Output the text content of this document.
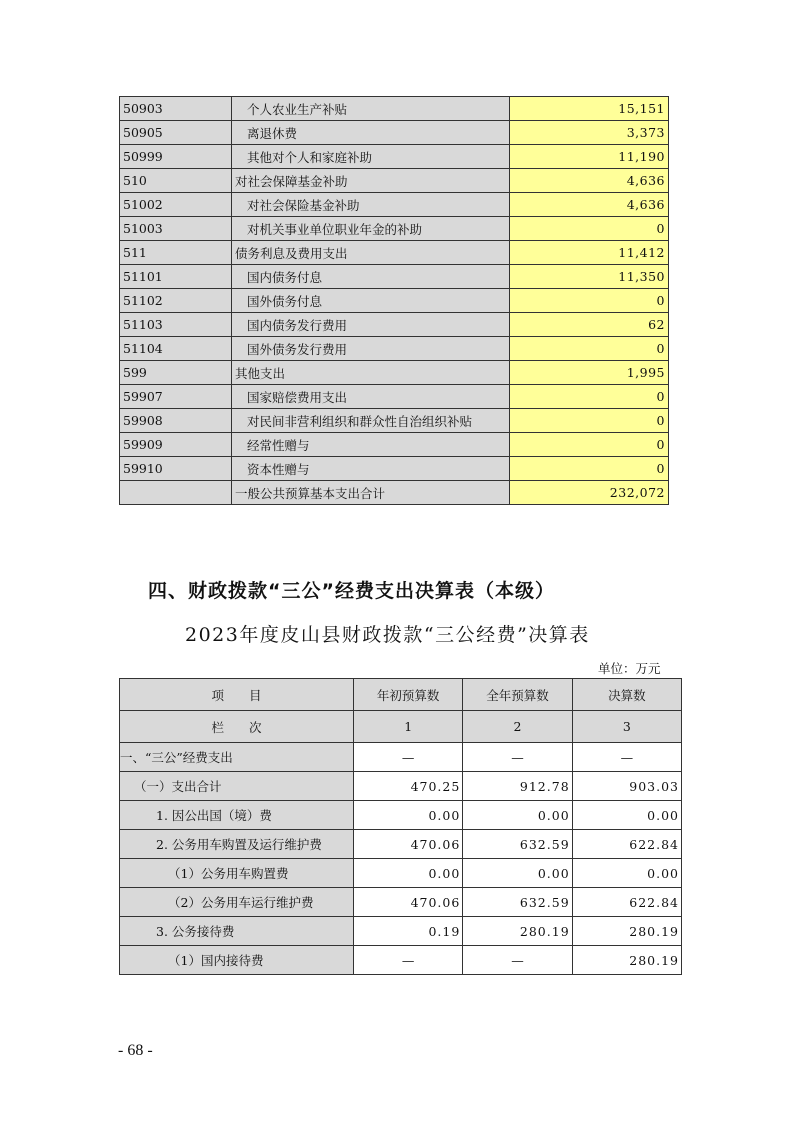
50903	个人农业生产补贴	15,151
50905	离退休费	3,373
50999	其他对个人和家庭补助	11,190
510	对社会保障基金补助	4,636
51002	对社会保险基金补助	4,636
51003	对机关事业单位职业年金的补助	0
511	债务利息及费用支出	11,412
51101	国内债务付息	11,350
51102	国外债务付息	0
51103	国内债务发行费用	62
51104	国外债务发行费用	0
599	其他支出	1,995
59907	国家赔偿费用支出	0
59908	对民间非营利组织和群众性自治组织补贴	0
59909	经常性赠与	0
59910	资本性赠与	0
	一般公共预算基本支出合计	232,072
四、财政拨款“三公”经费支出决算表（本级）
2023年度皮山县财政拨款“三公经费”决算表
单位：万元
项　　目	年初预算数	全年预算数	决算数
栏　　次	1	2	3
一、“三公”经费支出	—	—	—
（一）支出合计	470.25	912.78	903.03
1. 因公出国（境）费	0.00	0.00	0.00
2. 公务用车购置及运行维护费	470.06	632.59	622.84
（1）公务用车购置费	0.00	0.00	0.00
（2）公务用车运行维护费	470.06	632.59	622.84
3. 公务接待费	0.19	280.19	280.19
（1）国内接待费	—	—	280.19
- 68 -
